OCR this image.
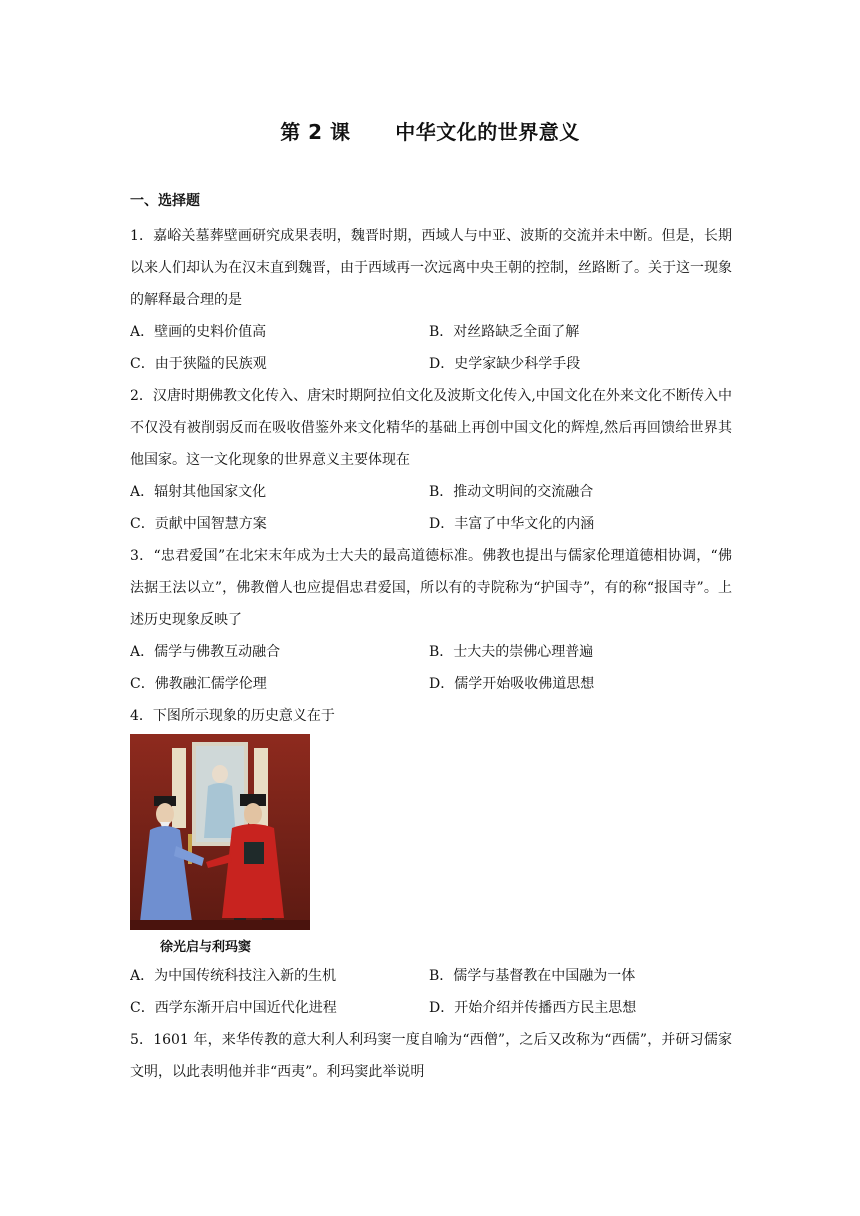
第 2 课      中华文化的世界意义
一、选择题
1．嘉峪关墓葬壁画研究成果表明，魏晋时期，西域人与中亚、波斯的交流并未中断。但是，长期以来人们却认为在汉末直到魏晋，由于西域再一次远离中央王朝的控制，丝路断了。关于这一现象的解释最合理的是
A．壁画的史料价值高	B．对丝路缺乏全面了解
C．由于狭隘的民族观	D．史学家缺少科学手段
2．汉唐时期佛教文化传入、唐宋时期阿拉伯文化及波斯文化传入,中国文化在外来文化不断传入中不仅没有被削弱反而在吸收借鉴外来文化精华的基础上再创中国文化的辉煌,然后再回馈给世界其他国家。这一文化现象的世界意义主要体现在
A．辐射其他国家文化	B．推动文明间的交流融合
C．贡献中国智慧方案	D．丰富了中华文化的内涵
3．“忠君爱国”在北宋末年成为士大夫的最高道德标准。佛教也提出与儒家伦理道德相协调，“佛法据王法以立”，佛教僧人也应提倡忠君爱国，所以有的寺院称为“护国寺”，有的称“报国寺”。上述历史现象反映了
A．儒学与佛教互动融合	B．士大夫的崇佛心理普遍
C．佛教融汇儒学伦理	D．儒学开始吸收佛道思想
4．下图所示现象的历史意义在于
徐光启与利玛窦
A．为中国传统科技注入新的生机	B．儒学与基督教在中国融为一体
C．西学东渐开启中国近代化进程	D．开始介绍并传播西方民主思想
5．1601 年，来华传教的意大利人利玛窦一度自喻为“西僧”，之后又改称为“西儒”，并研习儒家文明，以此表明他并非“西夷”。利玛窦此举说明
